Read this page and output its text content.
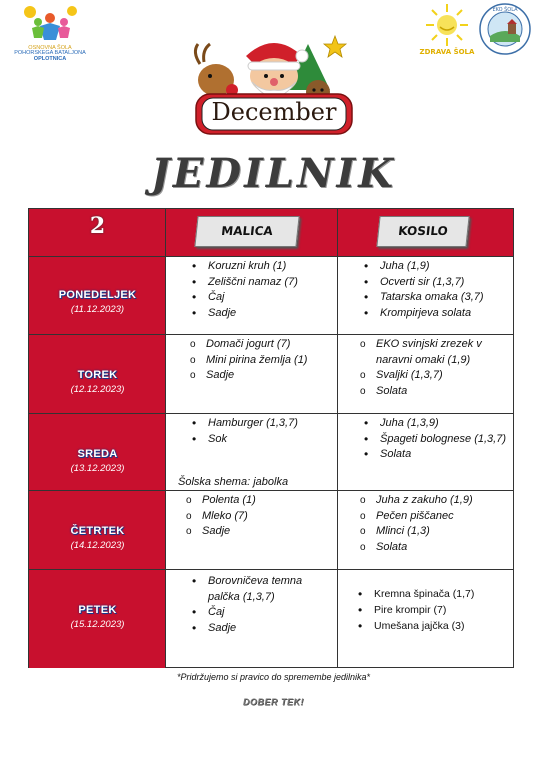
OSNOVNA ŠOLA
POHORSKEGA BATALJONA
OPLOTNICA
ZDRAVA ŠOLA
EKO ŠOLA
December
JEDILNIK
2	MALICA	KOSILO
PONEDELJEK
(11.12.2023)
• Koruzni kruh (1)
• Zeliščni namaz (7)
• Čaj
• Sadje
• Juha (1,9)
• Ocverti sir (1,3,7)
• Tatarska omaka (3,7)
• Krompirjeva solata
TOREK
(12.12.2023)
o Domači jogurt (7)
o Mini pirina žemlja (1)
o Sadje
o EKO svinjski zrezek v naravni omaki (1,9)
o Svaljki (1,3,7)
o Solata
SREDA
(13.12.2023)
• Hamburger (1,3,7)
• Sok
Šolska shema: jabolka
• Juha (1,3,9)
• Špageti bolognese (1,3,7)
• Solata
ČETRTEK
(14.12.2023)
o Polenta (1)
o Mleko (7)
o Sadje
o Juha z zakuho (1,9)
o Pečen piščanec
o Mlinci (1,3)
o Solata
PETEK
(15.12.2023)
• Borovničeva temna palčka (1,3,7)
• Čaj
• Sadje
• Kremna špinača (1,7)
• Pire krompir (7)
• Umešana jajčka (3)
*Pridržujemo si pravico do spremembe jedilnika*
DOBER TEK!
